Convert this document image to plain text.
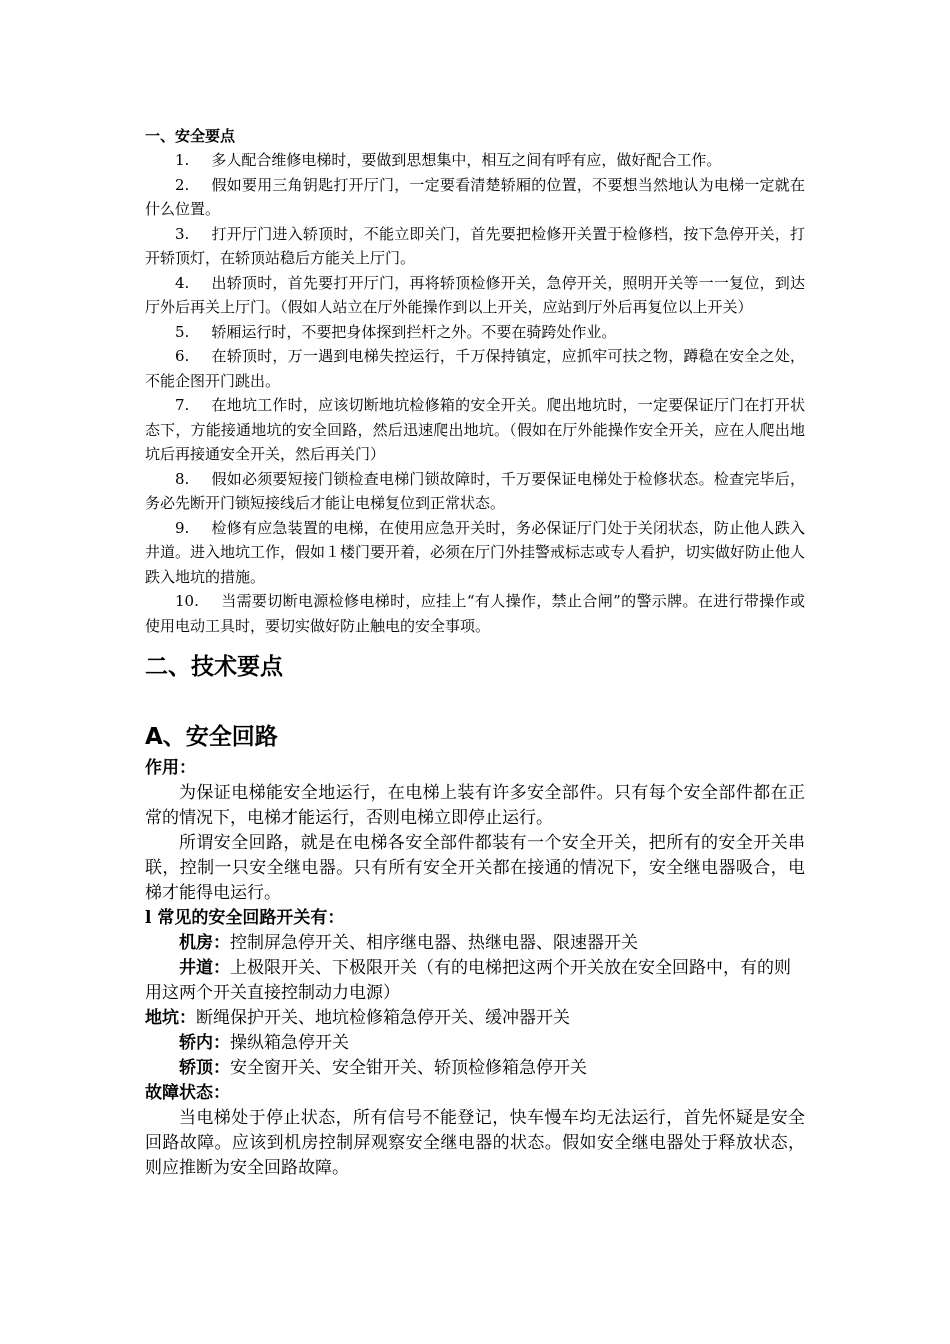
一、安全要点

1. 多人配合维修电梯时，要做到思想集中，相互之间有呼有应，做好配合工作。

2. 假如要用三角钥匙打开厅门，一定要看清楚轿厢的位置，不要想当然地认为电梯一定就在什么位置。

3. 打开厅门进入轿顶时，不能立即关门，首先要把检修开关置于检修档，按下急停开关，打开轿顶灯，在轿顶站稳后方能关上厅门。

4. 出轿顶时，首先要打开厅门，再将轿顶检修开关，急停开关，照明开关等一一复位，到达厅外后再关上厅门。（假如人站立在厅外能操作到以上开关，应站到厅外后再复位以上开关）

5. 轿厢运行时，不要把身体探到拦杆之外。不要在骑跨处作业。

6. 在轿顶时，万一遇到电梯失控运行，千万保持镇定，应抓牢可扶之物，蹲稳在安全之处，不能企图开门跳出。

7. 在地坑工作时，应该切断地坑检修箱的安全开关。爬出地坑时，一定要保证厅门在打开状态下，方能接通地坑的安全回路，然后迅速爬出地坑。（假如在厅外能操作安全开关，应在人爬出地坑后再接通安全开关，然后再关门）

8. 假如必须要短接门锁检查电梯门锁故障时，千万要保证电梯处于检修状态。检查完毕后，务必先断开门锁短接线后才能让电梯复位到正常状态。

9. 检修有应急装置的电梯，在使用应急开关时，务必保证厅门处于关闭状态，防止他人跌入井道。进入地坑工作，假如１楼门要开着，必须在厅门外挂警戒标志或专人看护，切实做好防止他人跌入地坑的措施。

10. 当需要切断电源检修电梯时，应挂上“有人操作，禁止合闸”的警示牌。在进行带操作或使用电动工具时，要切实做好防止触电的安全事项。

二、技术要点
A、安全回路

作用：

为保证电梯能安全地运行，在电梯上装有许多安全部件。只有每个安全部件都在正常的情况下，电梯才能运行，否则电梯立即停止运行。

所谓安全回路，就是在电梯各安全部件都装有一个安全开关，把所有的安全开关串联，控制一只安全继电器。只有所有安全开关都在接通的情况下，安全继电器吸合，电梯才能得电运行。

l 常见的安全回路开关有：

机房：控制屏急停开关、相序继电器、热继电器、限速器开关

井道：上极限开关、下极限开关（有的电梯把这两个开关放在安全回路中，有的则用这两个开关直接控制动力电源）

地坑：断绳保护开关、地坑检修箱急停开关、缓冲器开关

轿内：操纵箱急停开关

轿顶：安全窗开关、安全钳开关、轿顶检修箱急停开关

故障状态：

当电梯处于停止状态，所有信号不能登记，快车慢车均无法运行，首先怀疑是安全回路故障。应该到机房控制屏观察安全继电器的状态。假如安全继电器处于释放状态，则应推断为安全回路故障。
